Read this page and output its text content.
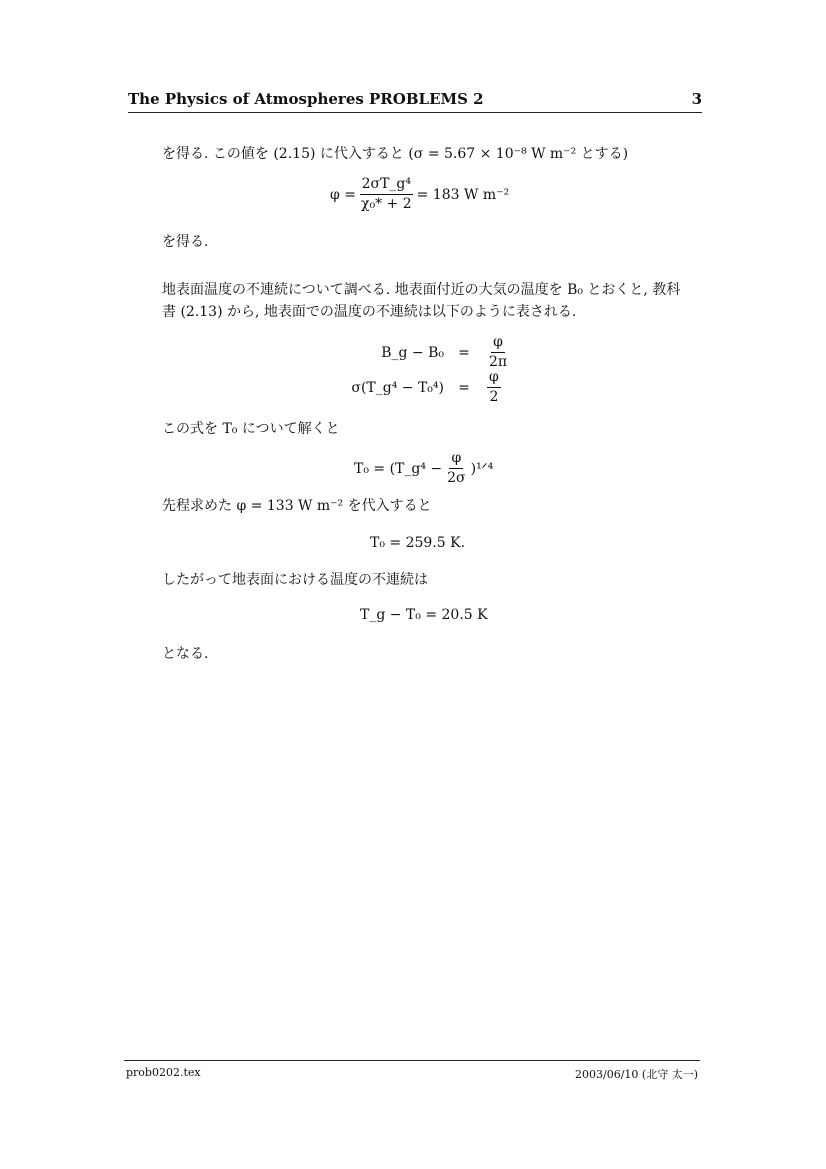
The Physics of Atmospheres PROBLEMS 2	3
を得る. この値を (2.15) に代入すると (σ = 5.67 × 10⁻⁸ W m⁻² とする)
$\varphi = \frac{\text{2σT\_g⁴}}{\text{χ₀* + 2}} = 183$ W m⁻²
を得る.
地表面温度の不連続について調べる. 地表面付近の大気の温度を B₀ とおくと, 教科
書 (2.13) から, 地表面での温度の不連続は以下のように表される.
B_g − B₀	=	$\frac{\varphi}{2\pi}$
σ(T_g⁴ − T₀⁴)	=	$\frac{\varphi}{2}$
この式を T₀ について解くと
T₀ = (T_g⁴ − $\frac{\varphi}{2\sigma}$ )¹ᐟ⁴
先程求めた φ = 133 W m⁻² を代入すると
T₀ = 259.5 K.
したがって地表面における温度の不連続は
T_g − T₀ = 20.5 K
となる.
prob0202.tex	2003/06/10 (北守 太一)
